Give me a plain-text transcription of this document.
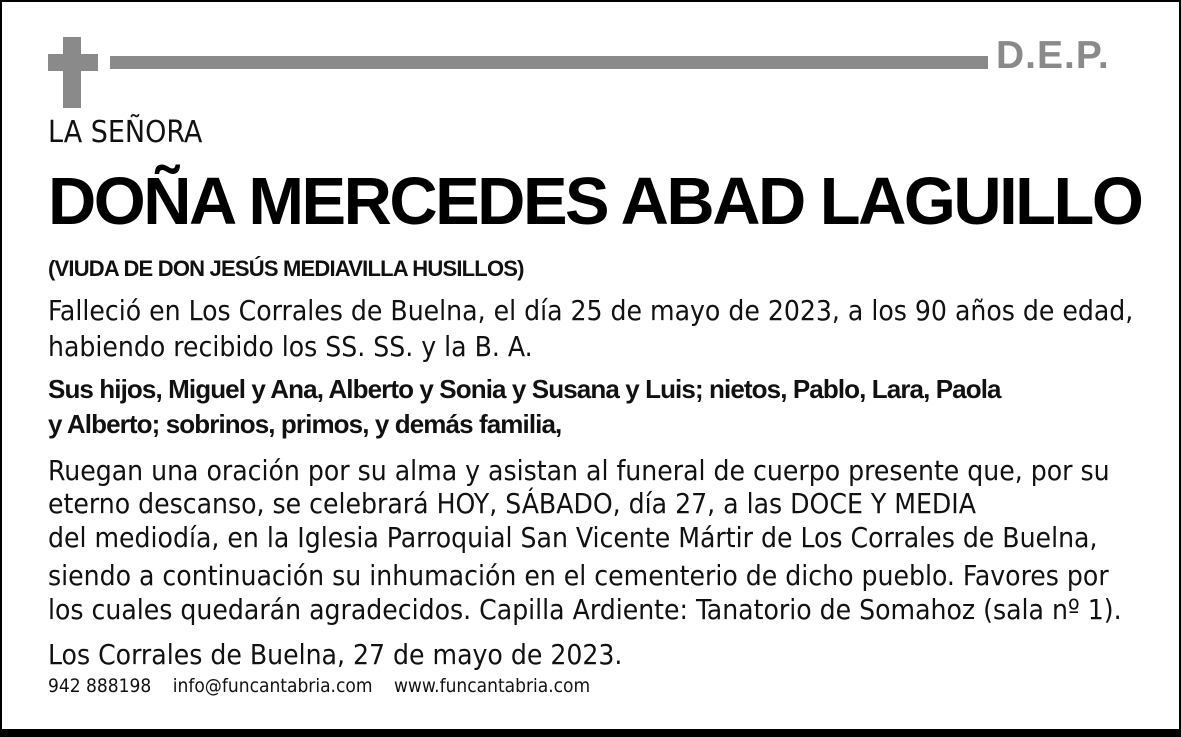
D.E.P.
LA SEÑORA
DOÑA MERCEDES ABAD LAGUILLO
(VIUDA DE DON JESÚS MEDIAVILLA HUSILLOS)
Falleció en Los Corrales de Buelna, el día 25 de mayo de 2023, a los 90 años de edad,
habiendo recibido los SS. SS. y la B. A.
Sus hijos, Miguel y Ana, Alberto y Sonia y Susana y Luis; nietos, Pablo, Lara, Paola
y Alberto; sobrinos, primos, y demás familia,
Ruegan una oración por su alma y asistan al funeral de cuerpo presente que, por su
eterno descanso, se celebrará HOY, SÁBADO, día 27, a las DOCE Y MEDIA
del mediodía, en la Iglesia Parroquial San Vicente Mártir de Los Corrales de Buelna,
siendo a continuación su inhumación en el cementerio de dicho pueblo. Favores por
los cuales quedarán agradecidos. Capilla Ardiente: Tanatorio de Somahoz (sala nº 1).
Los Corrales de Buelna, 27 de mayo de 2023.
942 888198 info@funcantabria.com www.funcantabria.com
